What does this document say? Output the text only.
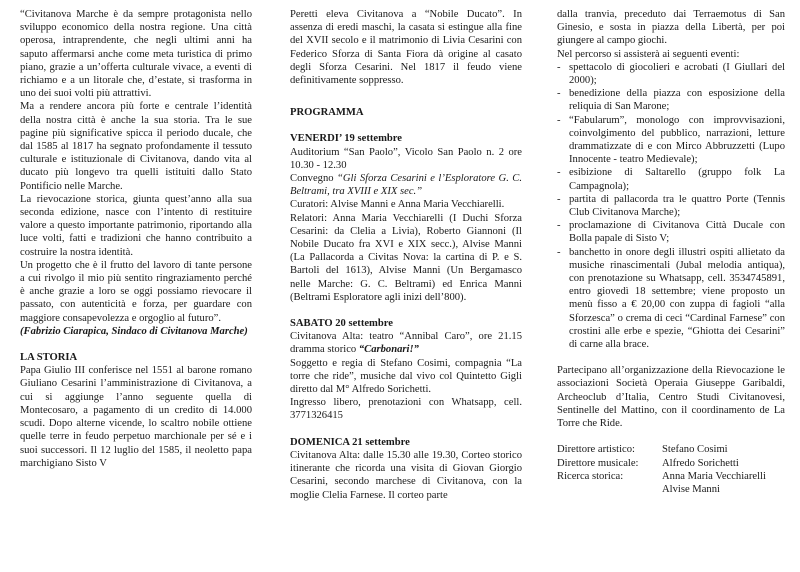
“Civitanova Marche è da sempre protagonista nello sviluppo economico della nostra regione. Una città operosa, intraprendente, che negli ultimi anni ha saputo affermarsi anche come meta turistica di primo piano, grazie a un’offerta culturale vivace, a eventi di richiamo e a un litorale che, d’estate, si trasforma in uno dei suoi volti più attrattivi.

Ma a rendere ancora più forte e centrale l’identità della nostra città è anche la sua storia. Tra le sue pagine più significative spicca il periodo ducale, che dal 1585 al 1817 ha segnato profondamente il tessuto culturale e istituzionale di Civitanova, dando vita al ducato più longevo tra quelli istituiti dallo Stato Pontificio nelle Marche.

La rievocazione storica, giunta quest’anno alla sua seconda edizione, nasce con l’intento di restituire valore a questo importante patrimonio, riportando alla luce volti, fatti e tradizioni che hanno contribuito a costruire la nostra identità.

Un progetto che è il frutto del lavoro di tante persone a cui rivolgo il mio più sentito ringraziamento perché è anche grazie a loro se oggi possiamo rievocare il passato, con autenticità e forza, per guardare con maggiore consapevolezza e orgoglio al futuro”.

(Fabrizio Ciarapica, Sindaco di Civitanova Marche)

LA STORIA

Papa Giulio III conferisce nel 1551 al barone romano Giuliano Cesarini l’amministrazione di Civitanova, a cui si aggiunge l’anno seguente quella di Montecosaro, a pagamento di un credito di 14.000 scudi. Dopo alterne vicende, lo scaltro nobile ottiene quelle terre in feudo perpetuo marchionale per sé e i suoi successori. Il 12 luglio del 1585, il neoletto papa marchigiano Sisto V

Peretti eleva Civitanova a “Nobile Ducato”. In assenza di eredi maschi, la casata si estingue alla fine del XVII secolo e il matrimonio di Livia Cesarini con Federico Sforza di Santa Fiora dà origine al casato degli Sforza Cesarini. Nel 1817 il feudo viene definitivamente soppresso.

PROGRAMMA

VENERDI’ 19 settembre

Auditorium “San Paolo”, Vicolo San Paolo n. 2 ore 10.30 - 12.30

Convegno “Gli Sforza Cesarini e l’Esploratore G. C. Beltrami, tra XVIII e XIX sec.”

Curatori: Alvise Manni e Anna Maria Vecchiarelli.

Relatori: Anna Maria Vecchiarelli (I Duchi Sforza Cesarini: da Clelia a Livia), Roberto Giannoni (Il Nobile Ducato fra XVI e XIX secc.), Alvise Manni (La Pallacorda a Civitas Nova: la cartina di P. e S. Bartoli del 1613), Alvise Manni (Un Bergamasco nelle Marche: G. C. Beltrami) ed Enrica Manni (Beltrami Esploratore agli inizi dell’800).

SABATO 20 settembre

Civitanova Alta: teatro “Annibal Caro”, ore 21.15 dramma storico “Carbonari!”

Soggetto e regia di Stefano Cosimi, compagnia “La torre che ride”, musiche dal vivo col Quintetto Gigli diretto dal M° Alfredo Sorichetti.

Ingresso libero, prenotazioni con Whatsapp, cell. 3771326415

DOMENICA 21 settembre

Civitanova Alta: dalle 15.30 alle 19.30, Corteo storico itinerante che ricorda una visita di Giovan Giorgio Cesarini, secondo marchese di Civitanova, con la moglie Clelia Farnese. Il corteo parte

dalla tranvia, preceduto dai Terraemotus di San Ginesio, e sosta in piazza della Libertà, per poi giungere al campo giochi.

Nel percorso si assisterà ai seguenti eventi:

- spettacolo di giocolieri e acrobati (I Giullari del 2000);
- benedizione della piazza con esposizione della reliquia di San Marone;
- “Fabularum”, monologo con improvvisazioni, coinvolgimento del pubblico, narrazioni, letture drammatizzate di e con Mirco Abbruzzetti (Lupo Innocente - teatro Medievale);
- esibizione di Saltarello (gruppo folk La Campagnola);
- partita di pallacorda tra le quattro Porte (Tennis Club Civitanova Marche);
- proclamazione di Civitanova Città Ducale con Bolla papale di Sisto V;
- banchetto in onore degli illustri ospiti allietato da musiche rinascimentali (Jubal melodia antiqua), con prenotazione su Whatsapp, cell. 3534745891, entro giovedì 18 settembre; viene proposto un menù fisso a € 20,00 con zuppa di fagioli “alla Sforzesca” o crema di ceci “Cardinal Farnese” con crostini alle erbe e spezie, “Ghiotta dei Cesarini” di carne alla brace.

Partecipano all’organizzazione della Rievocazione le associazioni Società Operaia Giuseppe Garibaldi, Archeoclub d’Italia, Centro Studi Civitanovesi, Sentinelle del Mattino, con il coordinamento de La Torre che Ride.

Direttore artistico:	Stefano Cosimi
Direttore musicale:	Alfredo Sorichetti
Ricerca storica:	Anna Maria Vecchiarelli
Alvise Manni
